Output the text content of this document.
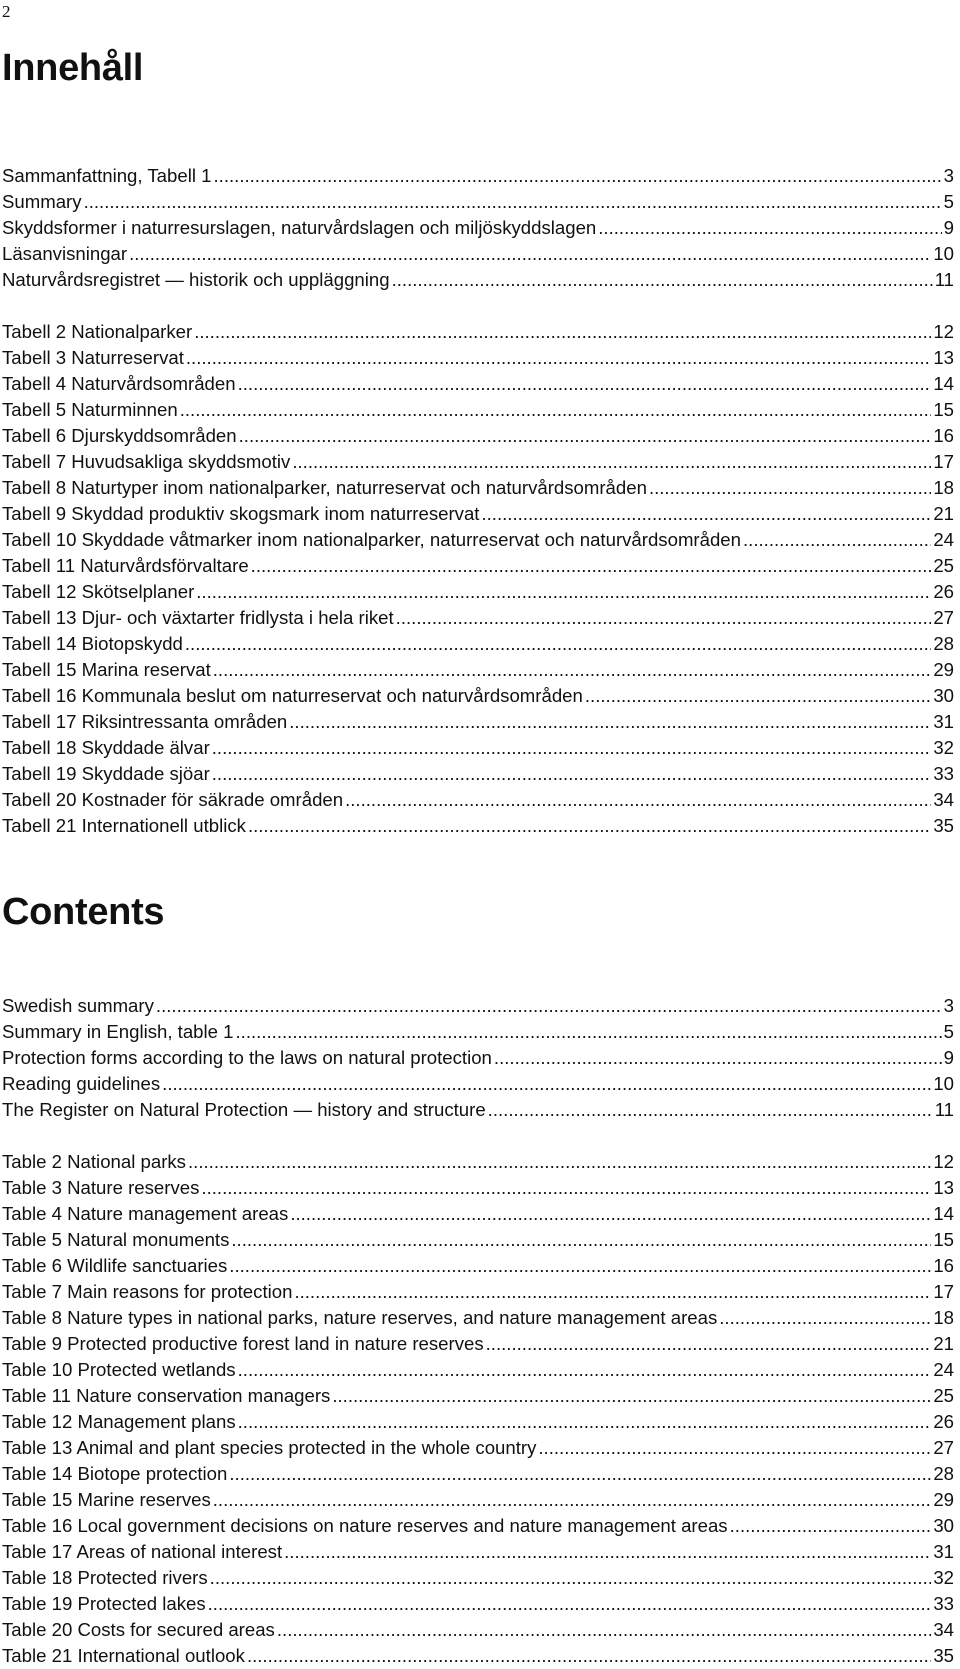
2
Innehåll
Sammanfattning, Tabell 1 .....	3
Summary .....	5
Skyddsformer i naturresurslagen, naturvårdslagen och miljöskyddslagen .....	9
Läsanvisningar .....	10
Naturvårdsregistret — historik och uppläggning .....	11
Tabell 2 Nationalparker .....	12
Tabell 3 Naturreservat .....	13
Tabell 4 Naturvårdsområden .....	14
Tabell 5 Naturminnen .....	15
Tabell 6 Djurskyddsområden .....	16
Tabell 7 Huvudsakliga skyddsmotiv .....	17
Tabell 8 Naturtyper inom nationalparker, naturreservat och naturvårdsområden .....	18
Tabell 9 Skyddad produktiv skogsmark inom naturreservat .....	21
Tabell 10 Skyddade våtmarker inom nationalparker, naturreservat och naturvårdsområden .....	24
Tabell 11 Naturvårdsförvaltare .....	25
Tabell 12 Skötselplaner .....	26
Tabell 13 Djur- och växtarter fridlysta i hela riket .....	27
Tabell 14 Biotopskydd .....	28
Tabell 15 Marina reservat .....	29
Tabell 16 Kommunala beslut om naturreservat och naturvårdsområden .....	30
Tabell 17 Riksintressanta områden .....	31
Tabell 18 Skyddade älvar .....	32
Tabell 19 Skyddade sjöar .....	33
Tabell 20 Kostnader för säkrade områden .....	34
Tabell 21 Internationell utblick .....	35
Contents
Swedish summary .....	3
Summary in English, table 1 .....	5
Protection forms according to the laws on natural protection .....	9
Reading guidelines .....	10
The Register on Natural Protection — history and structure .....	11
Table 2 National parks .....	12
Table 3 Nature reserves .....	13
Table 4 Nature management areas .....	14
Table 5 Natural monuments .....	15
Table 6 Wildlife sanctuaries .....	16
Table 7 Main reasons for protection .....	17
Table 8 Nature types in national parks, nature reserves, and nature management areas .....	18
Table 9 Protected productive forest land in nature reserves .....	21
Table 10 Protected wetlands .....	24
Table 11 Nature conservation managers .....	25
Table 12 Management plans .....	26
Table 13 Animal and plant species protected in the whole country .....	27
Table 14 Biotope protection .....	28
Table 15 Marine reserves .....	29
Table 16 Local government decisions on nature reserves and nature management areas .....	30
Table 17 Areas of national interest .....	31
Table 18 Protected rivers .....	32
Table 19 Protected lakes .....	33
Table 20 Costs for secured areas .....	34
Table 21 International outlook .....	35
